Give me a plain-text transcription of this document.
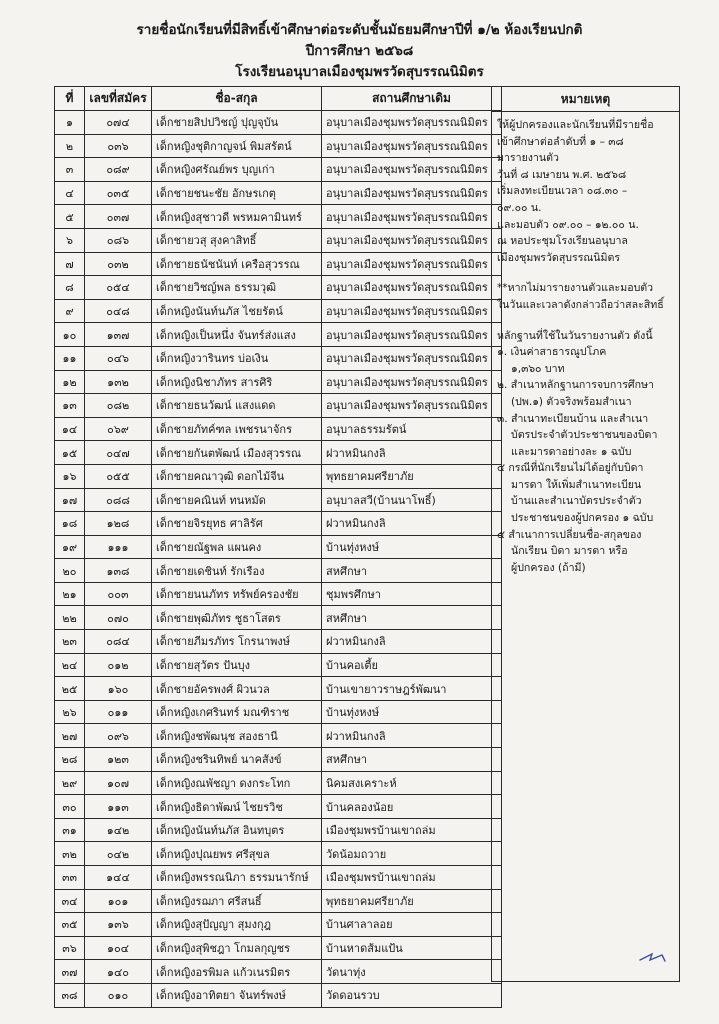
รายชื่อนักเรียนที่มีสิทธิ์เข้าศึกษาต่อระดับชั้นมัธยมศึกษาปีที่ ๑/๒ ห้องเรียนปกติ
ปีการศึกษา ๒๕๖๘
โรงเรียนอนุบาลเมืองชุมพรวัดสุบรรณนิมิตร
ที่	เลขที่สมัคร	ชื่อ-สกุล	สถานศึกษาเดิม
๑	๐๗๔	เด็กชายสิปปวิชญ์ ปุญจุบัน	อนุบาลเมืองชุมพรวัดสุบรรณนิมิตร
๒	๐๓๖	เด็กหญิงชุติกาญจน์ พิมสรัตน์	อนุบาลเมืองชุมพรวัดสุบรรณนิมิตร
๓	๐๘๙	เด็กหญิงศรัณย์พร บุญเก่า	อนุบาลเมืองชุมพรวัดสุบรรณนิมิตร
๔	๐๓๕	เด็กชายชนะชัย อักษรเกตุ	อนุบาลเมืองชุมพรวัดสุบรรณนิมิตร
๕	๐๓๗	เด็กหญิงสุชาวดี พรหมคามินทร์	อนุบาลเมืองชุมพรวัดสุบรรณนิมิตร
๖	๐๘๖	เด็กชายวสุ สุงคาสิทธิ์	อนุบาลเมืองชุมพรวัดสุบรรณนิมิตร
๗	๐๓๒	เด็กชายธนัชนันท์ เครือสุวรรณ	อนุบาลเมืองชุมพรวัดสุบรรณนิมิตร
๘	๐๕๔	เด็กชายวิชญ์พล ธรรมวุฒิ	อนุบาลเมืองชุมพรวัดสุบรรณนิมิตร
๙	๐๔๘	เด็กหญิงนันท์นภัส ไชยรัตน์	อนุบาลเมืองชุมพรวัดสุบรรณนิมิตร
๑๐	๑๓๗	เด็กหญิงเป็นหนึ่ง จันทร์ส่งแสง	อนุบาลเมืองชุมพรวัดสุบรรณนิมิตร
๑๑	๐๔๖	เด็กหญิงวารินทร บ่อเงิน	อนุบาลเมืองชุมพรวัดสุบรรณนิมิตร
๑๒	๑๓๒	เด็กหญิงนิชาภัทร สารศิริ	อนุบาลเมืองชุมพรวัดสุบรรณนิมิตร
๑๓	๐๘๒	เด็กชายธนวัฒน์ แสงแดด	อนุบาลเมืองชุมพรวัดสุบรรณนิมิตร
๑๔	๐๖๙	เด็กชายภัทค์ฑล เพชรนาจักร	อนุบาลธรรมรัตน์
๑๕	๐๔๗	เด็กชายกันตพัฒน์ เมืองสุวรรณ	ฝวาหมินกงลิ
๑๖	๐๕๕	เด็กชายคณาวุฒิ ดอกไม้จีน	พุทธยาคมศรียาภัย
๑๗	๐๘๘	เด็กชายคณินท์ ทนหมัด	อนุบาลสวี(บ้านนาโพธิ์)
๑๘	๑๒๘	เด็กชายจิรยุทธ ศาลิรัศ	ฝวาหมินกงลิ
๑๙	๑๑๑	เด็กชายณัฐพล แผนคง	บ้านทุ่งหงษ์
๒๐	๑๓๘	เด็กชายเดชินท์ รักเรือง	สหศึกษา
๒๑	๐๐๓	เด็กชายนนภัทร ทรัพย์ครองชัย	ชุมพรศึกษา
๒๒	๐๗๐	เด็กชายพุฒิภัทร ชูธาโสตร	สหศึกษา
๒๓	๐๘๔	เด็กชายภีมรภัทร โกรนาพงษ์	ฝวาหมินกงลิ
๒๔	๐๑๒	เด็กชายสุวัตร ปันบุง	บ้านคอเตี้ย
๒๕	๑๖๐	เด็กชายอัครพงศ์ ผิวนวล	บ้านเขายาวราษฎร์พัฒนา
๒๖	๐๑๑	เด็กหญิงเกศรินทร์ มณฑิราช	บ้านทุ่งหงษ์
๒๗	๐๙๖	เด็กหญิงชพัฒนุช สองธานี	ฝวาหมินกงลิ
๒๘	๑๒๓	เด็กหญิงชรินทิพย์ นาคสังข์	สหศึกษา
๒๙	๑๐๗	เด็กหญิงณพัชญา ดงกระโทก	นิคมสงเคราะห์
๓๐	๑๑๓	เด็กหญิงธิดาพัฒน์ ไชยรวิช	บ้านคลองน้อย
๓๑	๑๔๒	เด็กหญิงนันท์นภัส อินทบุตร	เมืองชุมพรบ้านเขาถล่ม
๓๒	๐๔๒	เด็กหญิงปุณยพร ศรีสุขล	วัดน้อมถวาย
๓๓	๑๔๔	เด็กหญิงพรรณนิภา ธรรมนารักษ์	เมืองชุมพรบ้านเขาถล่ม
๓๔	๑๐๑	เด็กหญิงรฌภา ศรีสนธิ์	พุทธยาคมศรียาภัย
๓๕	๑๓๖	เด็กหญิงสุปัญญา สุมงกุฎ	บ้านศาลาลอย
๓๖	๑๐๔	เด็กหญิงสุพิชฎา โกมลกุญชร	บ้านหาดส้มแป้น
๓๗	๑๔๐	เด็กหญิงอรพิมล แก้วเนรมิตร	วัดนาทุ่ง
๓๘	๐๑๐	เด็กหญิงอาทิตยา จันทร์พงษ์	วัดดอนรวบ
หมายเหตุ

ให้ผู้ปกครองและนักเรียนที่มีรายชื่อ

เข้าศึกษาต่อลำดับที่ ๑ – ๓๘

มารายงานตัว

วันที่ ๘ เมษายน พ.ศ. ๒๕๖๘

เริ่มลงทะเบียนเวลา ๐๘.๓๐ –

๐๙.๐๐ น.

และมอบตัว ๐๙.๐๐ – ๑๒.๐๐ น.

ณ หอประชุมโรงเรียนอนุบาล

เมืองชุมพรวัดสุบรรณนิมิตร

**หากไม่มารายงานตัวและมอบตัว

ในวันและเวลาดังกล่าวถือว่าสละสิทธิ์

หลักฐานที่ใช้ในวันรายงานตัว ดังนี้

๑. เงินค่าสาธารณูปโภค

๑,๓๖๐ บาท

๒. สำเนาหลักฐานการจบการศึกษา

(ปพ.๑) ตัวจริงพร้อมสำเนา

๓. สำเนาทะเบียนบ้าน และสำเนา

บัตรประจำตัวประชาชนของบิดา

และมารดาอย่างละ ๑ ฉบับ

๔ กรณีที่นักเรียนไม่ได้อยู่กับบิดา

มารดา ให้เพิ่มสำเนาทะเบียน

บ้านและสำเนาบัตรประจำตัว

ประชาชนของผู้ปกครอง ๑ ฉบับ

๕ สำเนาการเปลี่ยนชื่อ-สกุลของ

นักเรียน บิดา มารดา หรือ

ผู้ปกครอง (ถ้ามี)
